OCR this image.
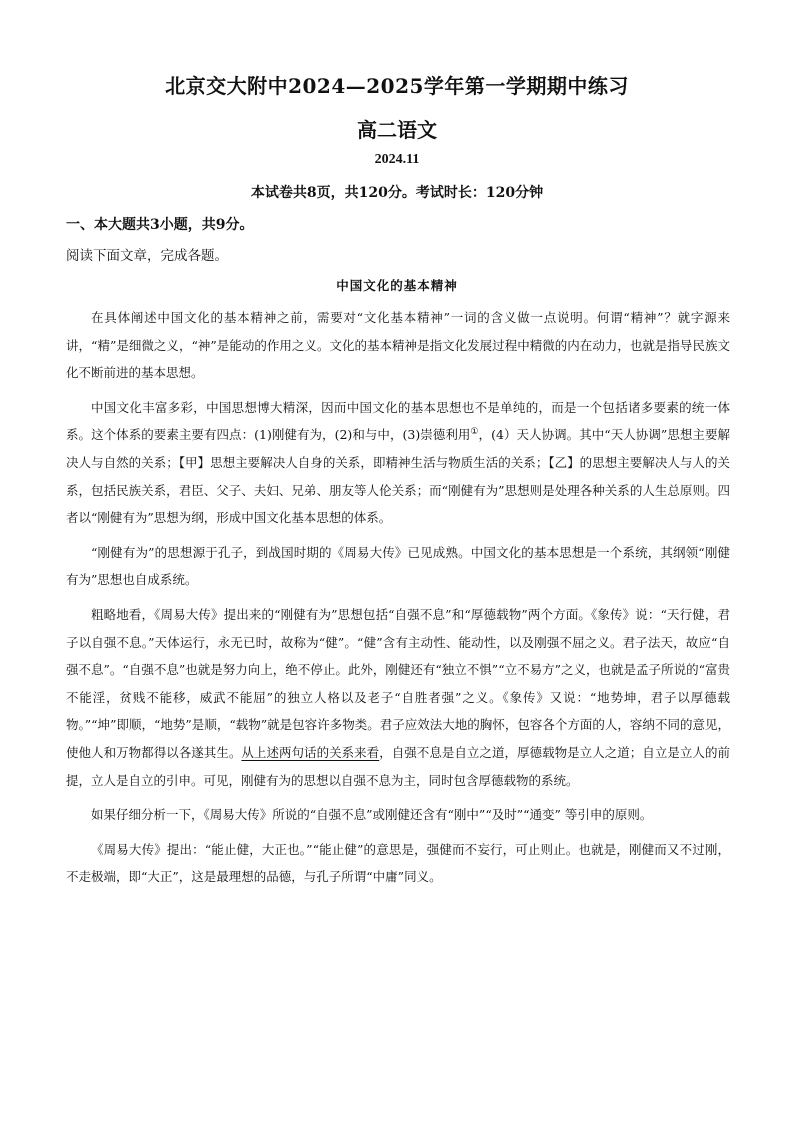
北京交大附中2024—2025学年第一学期期中练习
高二语文
2024.11
本试卷共8页，共120分。考试时长：120分钟
一、本大题共3小题，共9分。
阅读下面文章，完成各题。
中国文化的基本精神

在具体阐述中国文化的基本精神之前，需要对“文化基本精神”一词的含义做一点说明。何谓“精神”？就字源来讲，“精”是细微之义，“神”是能动的作用之义。文化的基本精神是指文化发展过程中精微的内在动力，也就是指导民族文化不断前进的基本思想。

中国文化丰富多彩，中国思想博大精深，因而中国文化的基本思想也不是单纯的，而是一个包括诸多要素的统一体系。这个体系的要素主要有四点：(1)刚健有为，(2)和与中，(3)崇德利用①，(4）天人协调。其中“天人协调”思想主要解决人与自然的关系；【甲】思想主要解决人自身的关系，即精神生活与物质生活的关系；【乙】的思想主要解决人与人的关系，包括民族关系，君臣、父子、夫妇、兄弟、朋友等人伦关系；而“刚健有为”思想则是处理各种关系的人生总原则。四者以“刚健有为”思想为纲，形成中国文化基本思想的体系。

“刚健有为”的思想源于孔子，到战国时期的《周易大传》已见成熟。中国文化的基本思想是一个系统，其纲领“刚健有为”思想也自成系统。

粗略地看，《周易大传》提出来的“刚健有为”思想包括“自强不息”和“厚德载物”两个方面。《象传》说：“天行健，君子以自强不息。”天体运行，永无已时，故称为“健”。“健”含有主动性、能动性，以及刚强不屈之义。君子法天，故应“自强不息”。“自强不息”也就是努力向上，绝不停止。此外，刚健还有“独立不惧”“立不易方”之义，也就是孟子所说的“富贵不能淫，贫贱不能移，威武不能屈”的独立人格以及老子“自胜者强”之义。《象传》又说：“地势坤，君子以厚德载物。”“坤”即顺，“地势”是顺，“载物”就是包容许多物类。君子应效法大地的胸怀，包容各个方面的人，容纳不同的意见，使他人和万物都得以各遂其生。从上述两句话的关系来看，自强不息是自立之道，厚德载物是立人之道；自立是立人的前提，立人是自立的引申。可见，刚健有为的思想以自强不息为主，同时包含厚德载物的系统。

如果仔细分析一下，《周易大传》所说的“自强不息”或刚健还含有“刚中”“及时”“通变” 等引申的原则。

《周易大传》提出：“能止健，大正也。”“能止健”的意思是，强健而不妄行，可止则止。也就是，刚健而又不过刚，不走极端，即“大正”，这是最理想的品德，与孔子所谓“中庸”同义。
